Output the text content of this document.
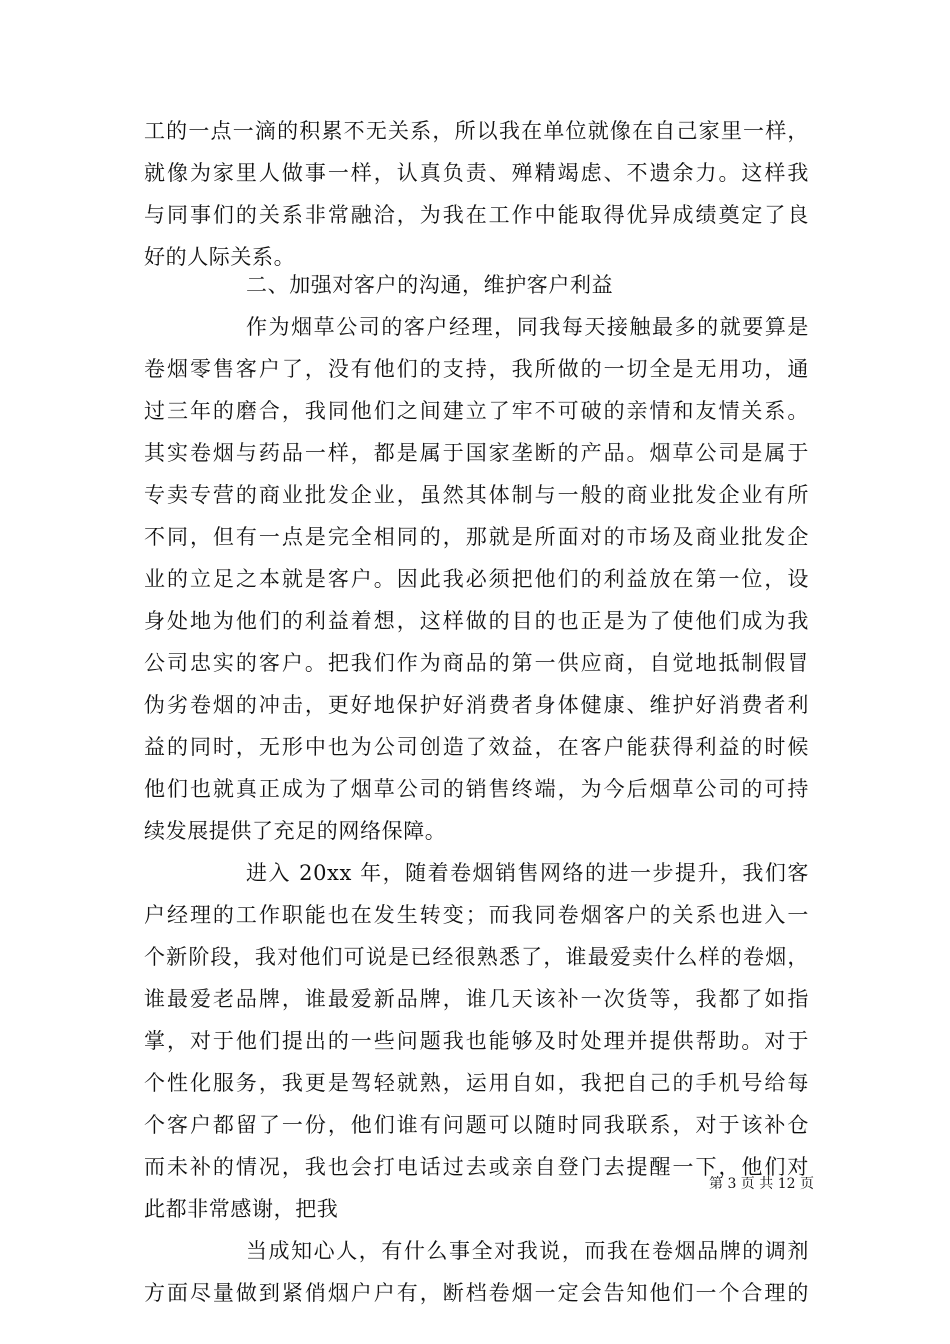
工的一点一滴的积累不无关系，所以我在单位就像在自己家里一样，
就像为家里人做事一样，认真负责、殚精竭虑、不遗余力。这样我
与同事们的关系非常融洽，为我在工作中能取得优异成绩奠定了良
好的人际关系。
二、加强对客户的沟通，维护客户利益
作为烟草公司的客户经理，同我每天接触最多的就要算是
卷烟零售客户了，没有他们的支持，我所做的一切全是无用功，通
过三年的磨合，我同他们之间建立了牢不可破的亲情和友情关系。
其实卷烟与药品一样，都是属于国家垄断的产品。烟草公司是属于
专卖专营的商业批发企业，虽然其体制与一般的商业批发企业有所
不同，但有一点是完全相同的，那就是所面对的市场及商业批发企
业的立足之本就是客户。因此我必须把他们的利益放在第一位，设
身处地为他们的利益着想，这样做的目的也正是为了使他们成为我
公司忠实的客户。把我们作为商品的第一供应商，自觉地抵制假冒
伪劣卷烟的冲击，更好地保护好消费者身体健康、维护好消费者利
益的同时，无形中也为公司创造了效益，在客户能获得利益的时候
他们也就真正成为了烟草公司的销售终端，为今后烟草公司的可持
续发展提供了充足的网络保障。
进入 20xx 年，随着卷烟销售网络的进一步提升，我们客
户经理的工作职能也在发生转变；而我同卷烟客户的关系也进入一
个新阶段，我对他们可说是已经很熟悉了，谁最爱卖什么样的卷烟，
谁最爱老品牌，谁最爱新品牌，谁几天该补一次货等，我都了如指
掌，对于他们提出的一些问题我也能够及时处理并提供帮助。对于
个性化服务，我更是驾轻就熟，运用自如，我把自己的手机号给每
个客户都留了一份，他们谁有问题可以随时同我联系，对于该补仓
而未补的情况，我也会打电话过去或亲自登门去提醒一下，他们对
此都非常感谢，把我
当成知心人，有什么事全对我说，而我在卷烟品牌的调剂
方面尽量做到紧俏烟户户有，断档卷烟一定会告知他们一个合理的
第 3 页 共 12 页
